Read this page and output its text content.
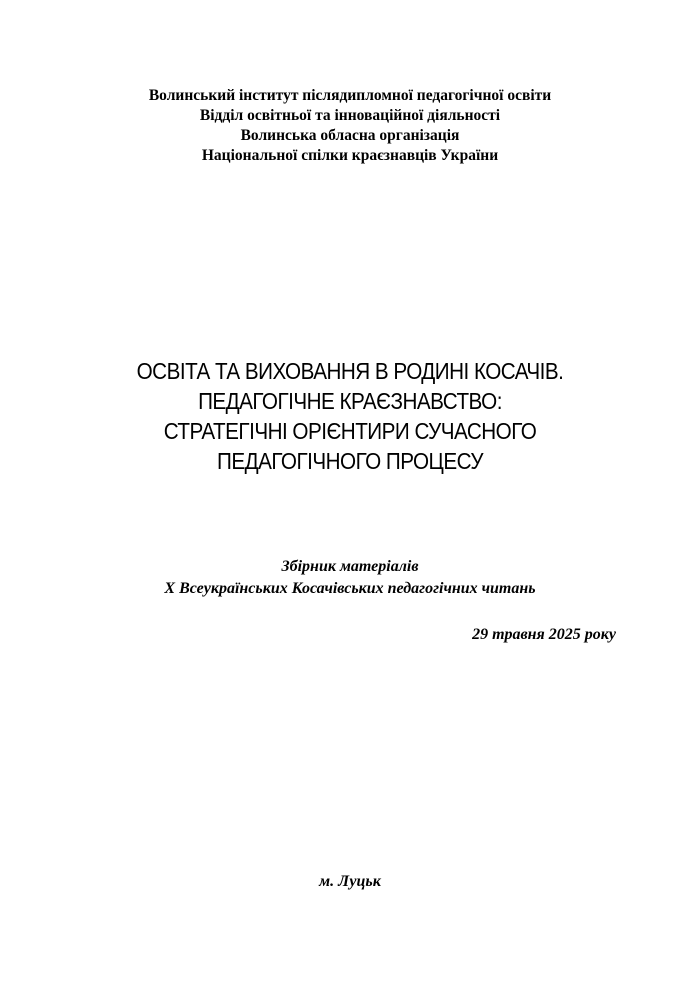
Волинський інститут післядипломної педагогічної освіти
Відділ освітньої та інноваційної діяльності
Волинська обласна організація
Національної спілки краєзнавців України
ОСВІТА ТА ВИХОВАННЯ В РОДИНІ КОСАЧІВ.
ПЕДАГОГІЧНЕ КРАЄЗНАВСТВО:
СТРАТЕГІЧНІ ОРІЄНТИРИ СУЧАСНОГО
ПЕДАГОГІЧНОГО ПРОЦЕСУ
Збірник матеріалів
X Всеукраїнських Косачівських педагогічних читань
29 травня 2025 року
м. Луцьк
